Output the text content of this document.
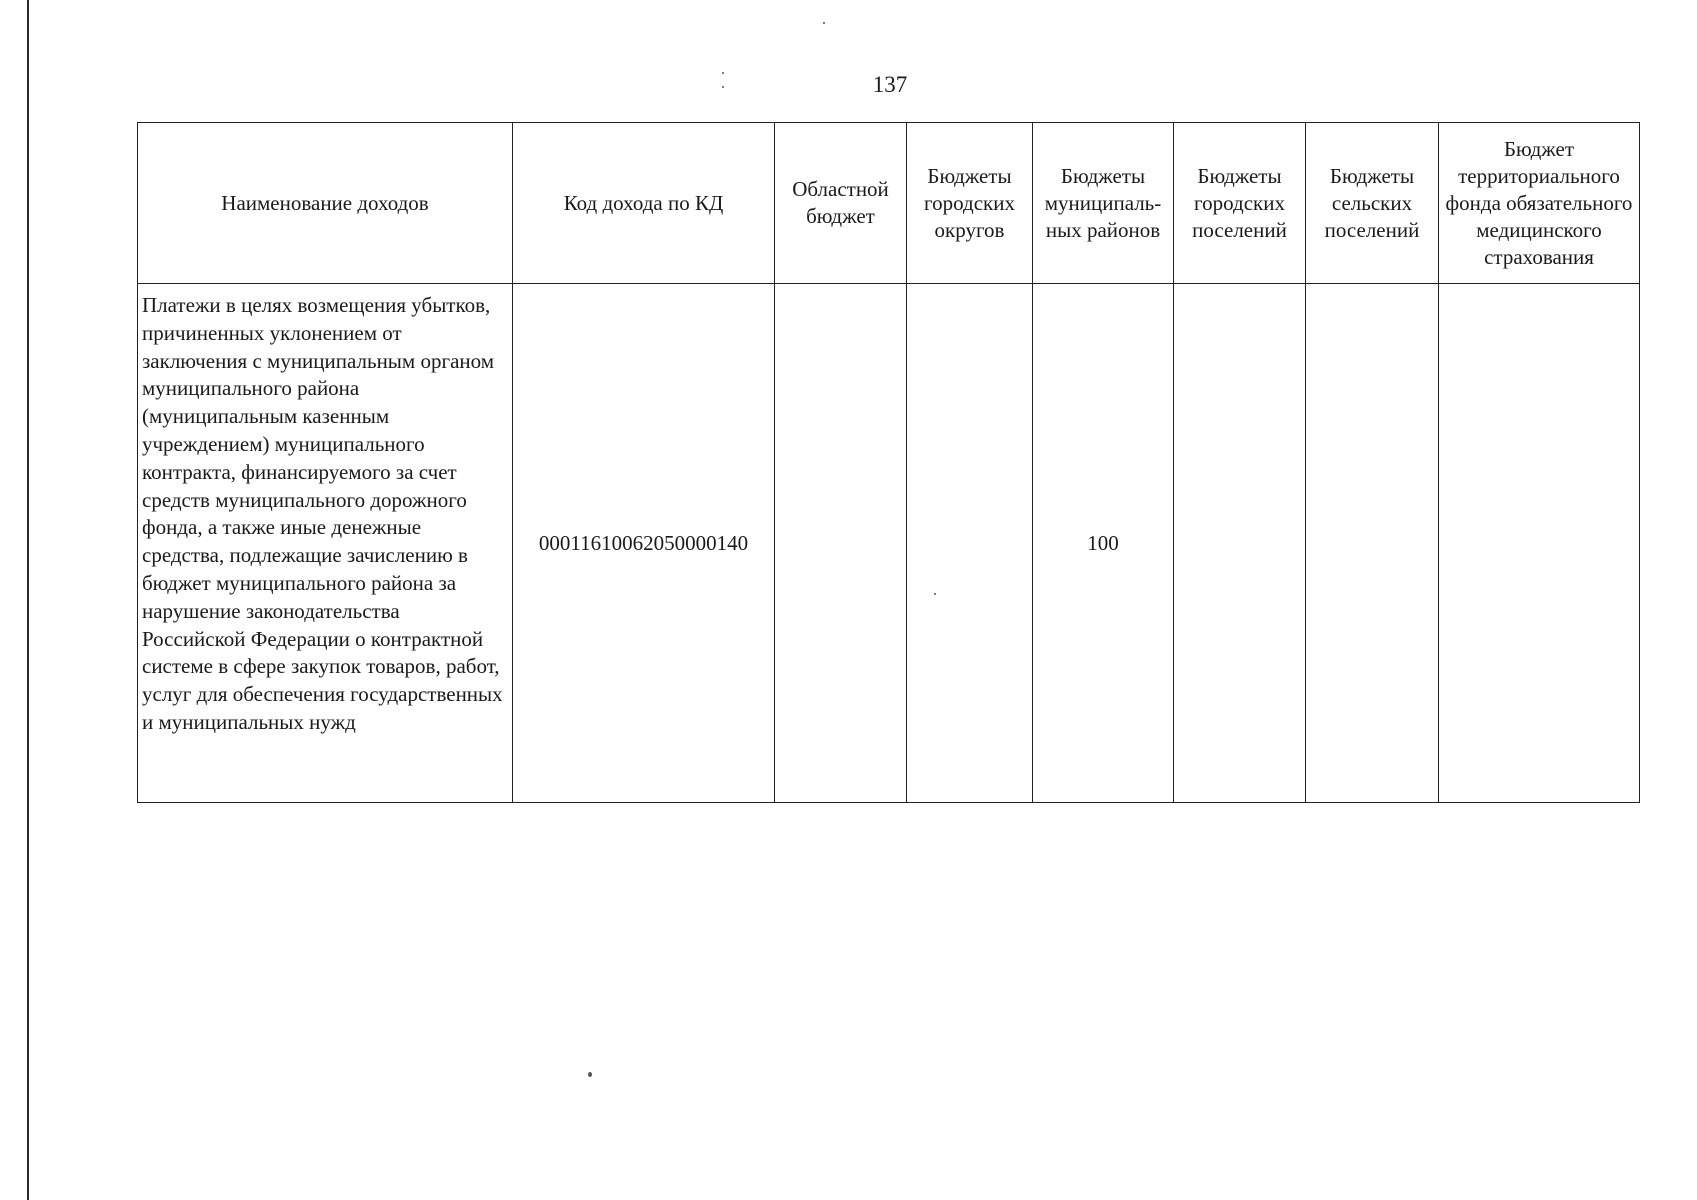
137
Наименование доходов	Код дохода по КД	Областной бюджет	Бюджеты городских округов	Бюджеты муниципаль-ных районов	Бюджеты городских поселений	Бюджеты сельских поселений	Бюджет территориального фонда обязательного медицинского страхования
Платежи в целях возмещения убытков, причиненных уклонением от заключения с муниципальным органом муниципального района (муниципальным казенным учреждением) муниципального контракта, финансируемого за счет средств муниципального дорожного фонда, а также иные денежные средства, подлежащие зачислению в бюджет муниципального района за нарушение законодательства Российской Федерации о контрактной системе в сфере закупок товаров, работ, услуг для обеспечения государственных и муниципальных нужд	00011610062050000140			100			
